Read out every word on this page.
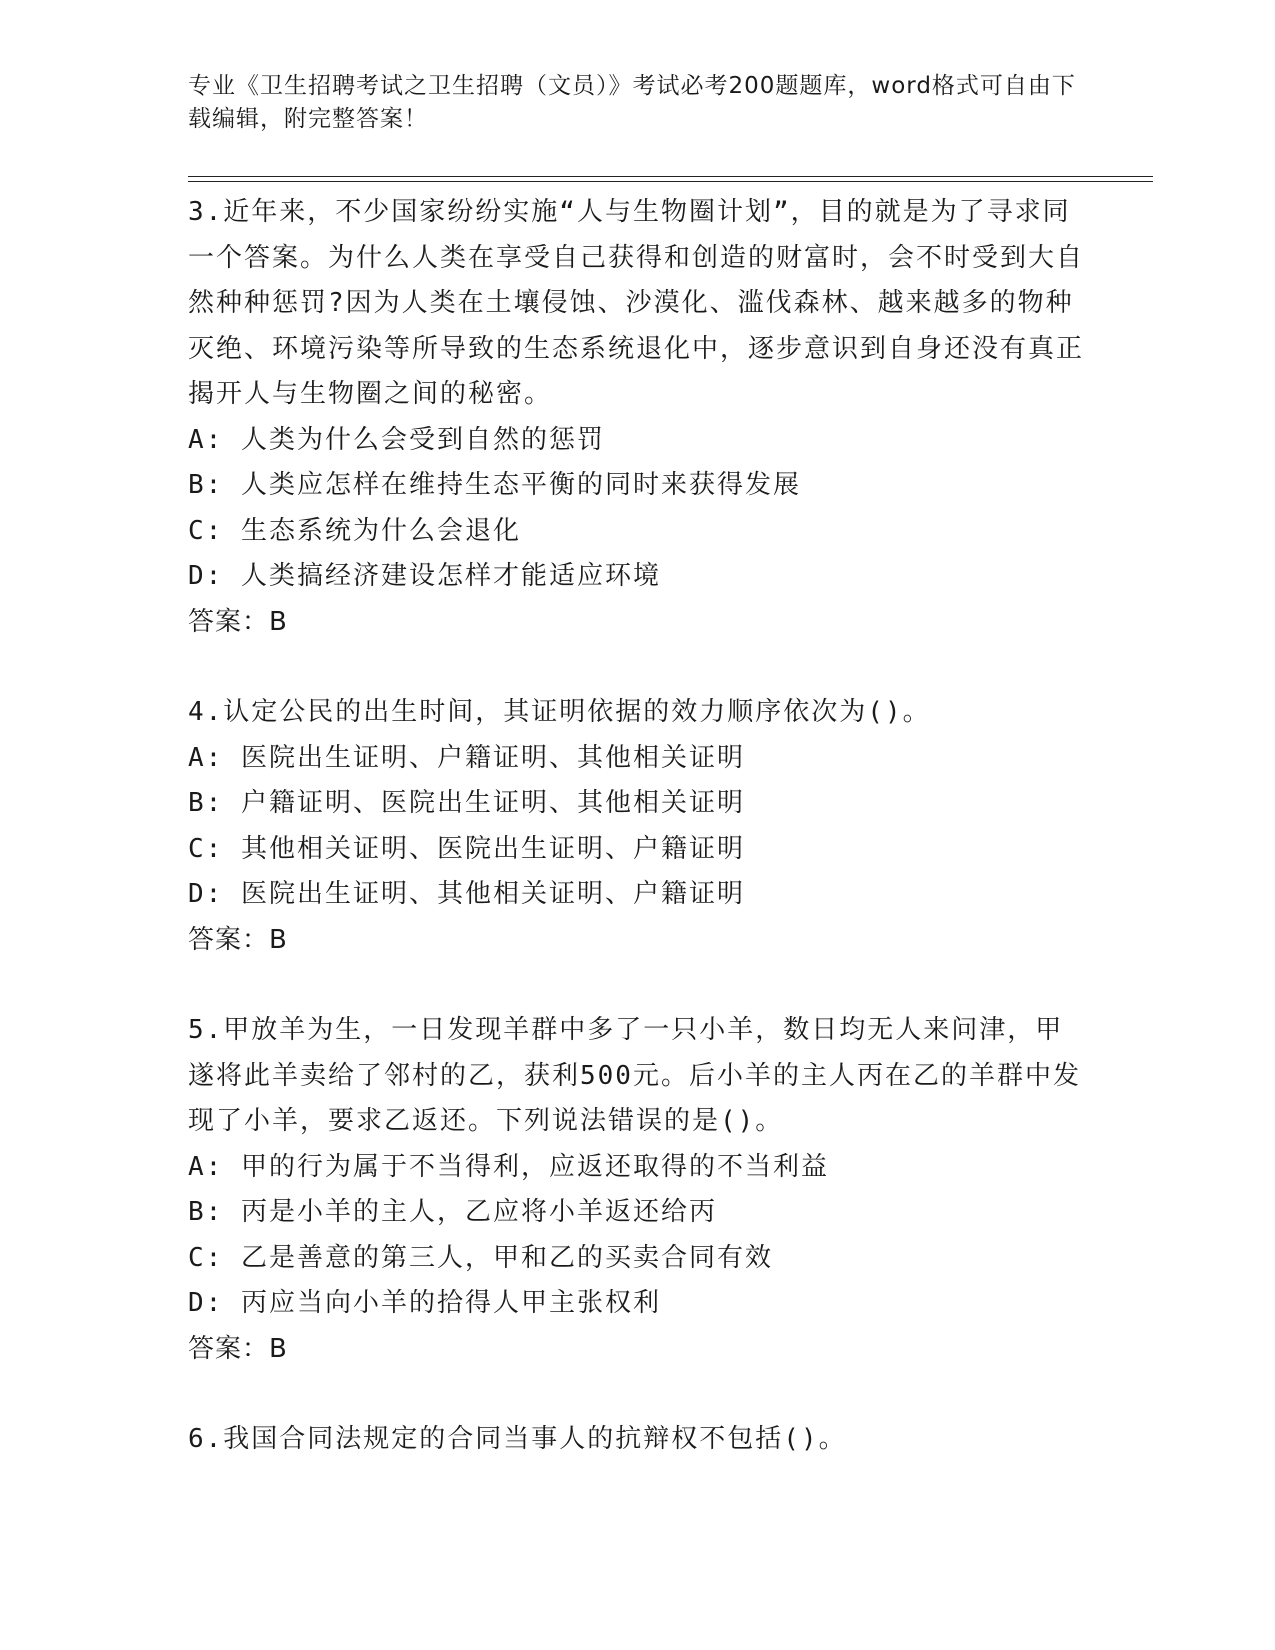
专业《卫生招聘考试之卫生招聘（文员）》考试必考200题题库，word格式可自由下载编辑，附完整答案！

3.近年来，不少国家纷纷实施“人与生物圈计划”，目的就是为了寻求同一个答案。为什么人类在享受自己获得和创造的财富时，会不时受到大自然种种惩罚?因为人类在土壤侵蚀、沙漠化、滥伐森林、越来越多的物种灭绝、环境污染等所导致的生态系统退化中，逐步意识到自身还没有真正揭开人与生物圈之间的秘密。

A: 人类为什么会受到自然的惩罚

B: 人类应怎样在维持生态平衡的同时来获得发展

C: 生态系统为什么会退化

D: 人类搞经济建设怎样才能适应环境

答案：B

4.认定公民的出生时间，其证明依据的效力顺序依次为()。

A: 医院出生证明、户籍证明、其他相关证明

B: 户籍证明、医院出生证明、其他相关证明

C: 其他相关证明、医院出生证明、户籍证明

D: 医院出生证明、其他相关证明、户籍证明

答案：B

5.甲放羊为生，一日发现羊群中多了一只小羊，数日均无人来问津，甲遂将此羊卖给了邻村的乙，获利500元。后小羊的主人丙在乙的羊群中发现了小羊，要求乙返还。下列说法错误的是()。

A: 甲的行为属于不当得利，应返还取得的不当利益

B: 丙是小羊的主人，乙应将小羊返还给丙

C: 乙是善意的第三人，甲和乙的买卖合同有效

D: 丙应当向小羊的拾得人甲主张权利

答案：B

6.我国合同法规定的合同当事人的抗辩权不包括()。
